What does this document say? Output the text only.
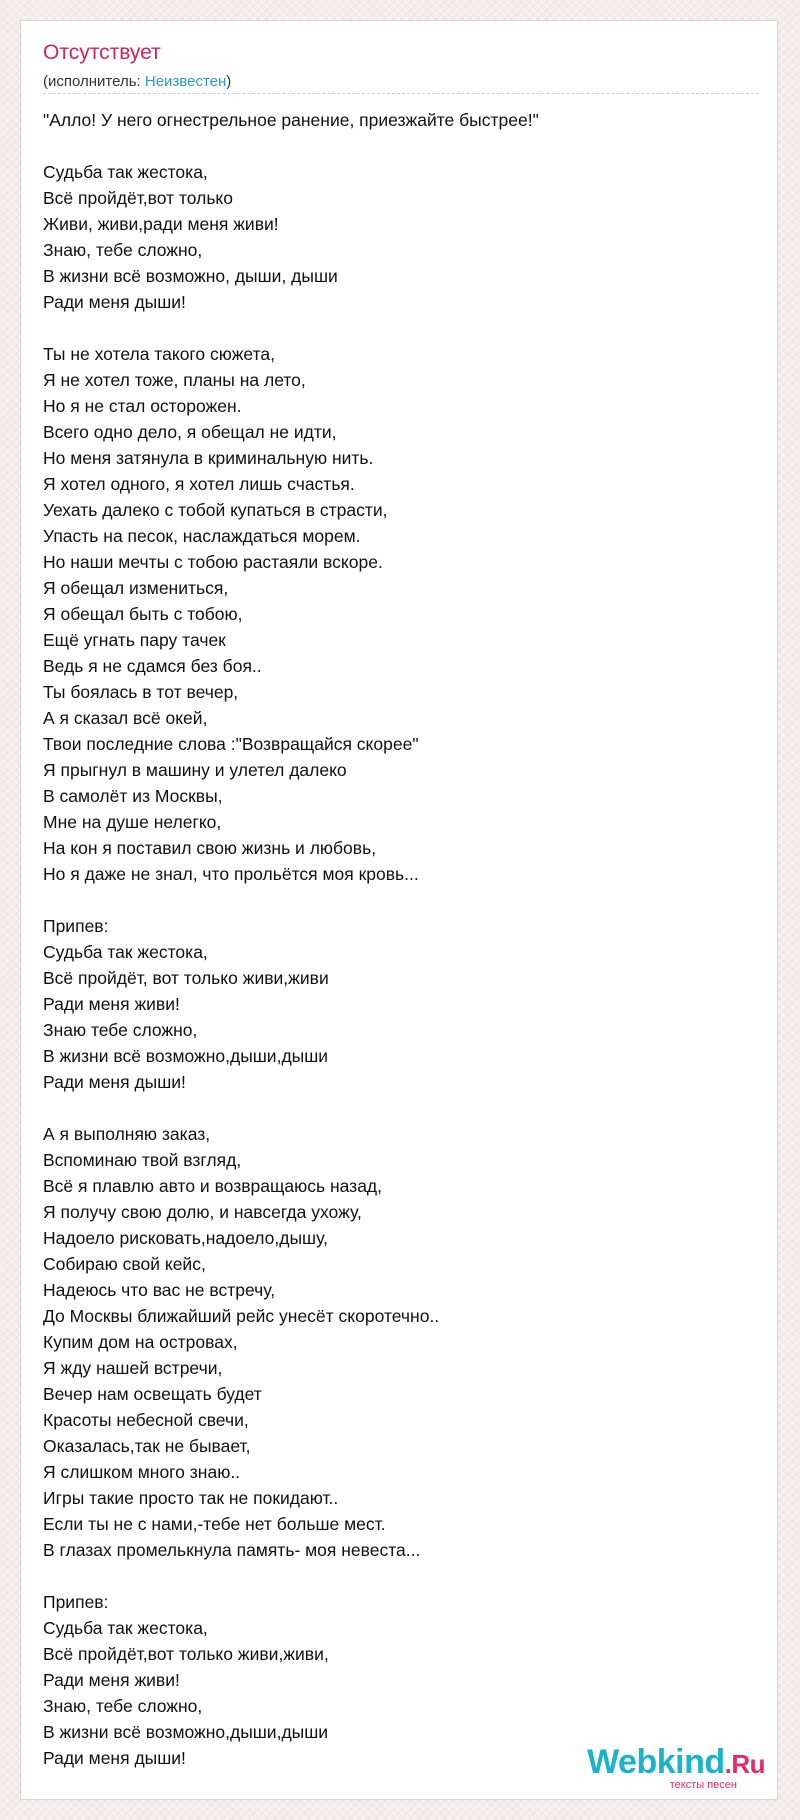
Отсутствует
(исполнитель: Неизвестен)
"Алло! У него огнестрельное ранение, приезжайте быстрее!"
Судьба так жестока,
Всё пройдёт,вот только
Живи, живи,ради меня живи!
Знаю, тебе сложно,
В жизни всё возможно, дыши, дыши
Ради меня дыши!
Ты не хотела такого сюжета,
Я не хотел тоже, планы на лето,
Но я не стал осторожен.
Всего одно дело, я обещал не идти,
Но меня затянула в криминальную нить.
Я хотел одного, я хотел лишь счастья.
Уехать далеко с тобой купаться в страсти,
Упасть на песок, наслаждаться морем.
Но наши мечты с тобою растаяли вскоре.
Я обещал измениться,
Я обещал быть с тобою,
Ещё угнать пару тачек
Ведь я не сдамся без боя..
Ты боялась в тот вечер,
А я сказал всё окей,
Твои последние слова :"Возвращайся скорее"
Я прыгнул в машину и улетел далеко
В самолёт из Москвы,
Мне на душе нелегко,
На кон я поставил свою жизнь и любовь,
Но я даже не знал, что прольётся моя кровь...
Припев:
Судьба так жестока,
Всё пройдёт, вот только живи,живи
Ради меня живи!
Знаю тебе сложно,
В жизни всё возможно,дыши,дыши
Ради меня дыши!
А я выполняю заказ,
Вспоминаю твой взгляд,
Всё я плавлю авто и возвращаюсь назад,
Я получу свою долю, и навсегда ухожу,
Надоело рисковать,надоело,дышу,
Собираю свой кейс,
Надеюсь что вас не встречу,
До Москвы ближайший рейс унесёт скоротечно..
Купим дом на островах,
Я жду нашей встречи,
Вечер нам освещать будет
Красоты небесной свечи,
Оказалась,так не бывает,
Я слишком много знаю..
Игры такие просто так не покидают..
Если ты не с нами,-тебе нет больше мест.
В глазах промелькнула память- моя невеста...
Припев:
Судьба так жестока,
Всё пройдёт,вот только живи,живи,
Ради меня живи!
Знаю, тебе сложно,
В жизни всё возможно,дыши,дыши
Ради меня дыши!	Webkind.Ru
тексты песен
